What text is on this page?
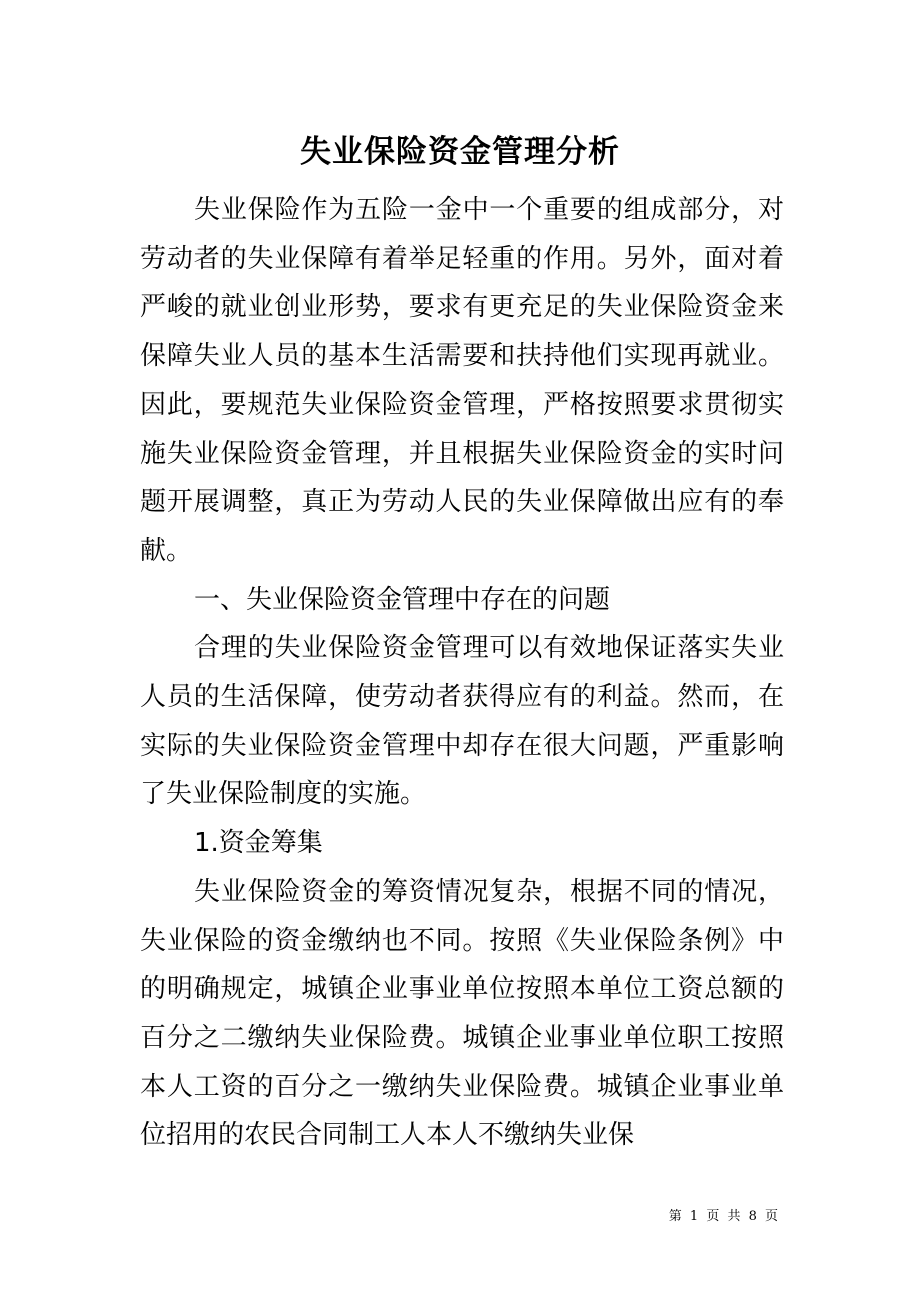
失业保险资金管理分析

失业保险作为五险一金中一个重要的组成部分，对劳动者的失业保障有着举足轻重的作用。另外，面对着严峻的就业创业形势，要求有更充足的失业保险资金来保障失业人员的基本生活需要和扶持他们实现再就业。因此，要规范失业保险资金管理，严格按照要求贯彻实施失业保险资金管理，并且根据失业保险资金的实时问题开展调整，真正为劳动人民的失业保障做出应有的奉献。

一、失业保险资金管理中存在的问题

合理的失业保险资金管理可以有效地保证落实失业人员的生活保障，使劳动者获得应有的利益。然而，在实际的失业保险资金管理中却存在很大问题，严重影响了失业保险制度的实施。

1.资金筹集

失业保险资金的筹资情况复杂，根据不同的情况，失业保险的资金缴纳也不同。按照《失业保险条例》中的明确规定，城镇企业事业单位按照本单位工资总额的百分之二缴纳失业保险费。城镇企业事业单位职工按照本人工资的百分之一缴纳失业保险费。城镇企业事业单位招用的农民合同制工人本人不缴纳失业保

第 1 页 共 8 页
